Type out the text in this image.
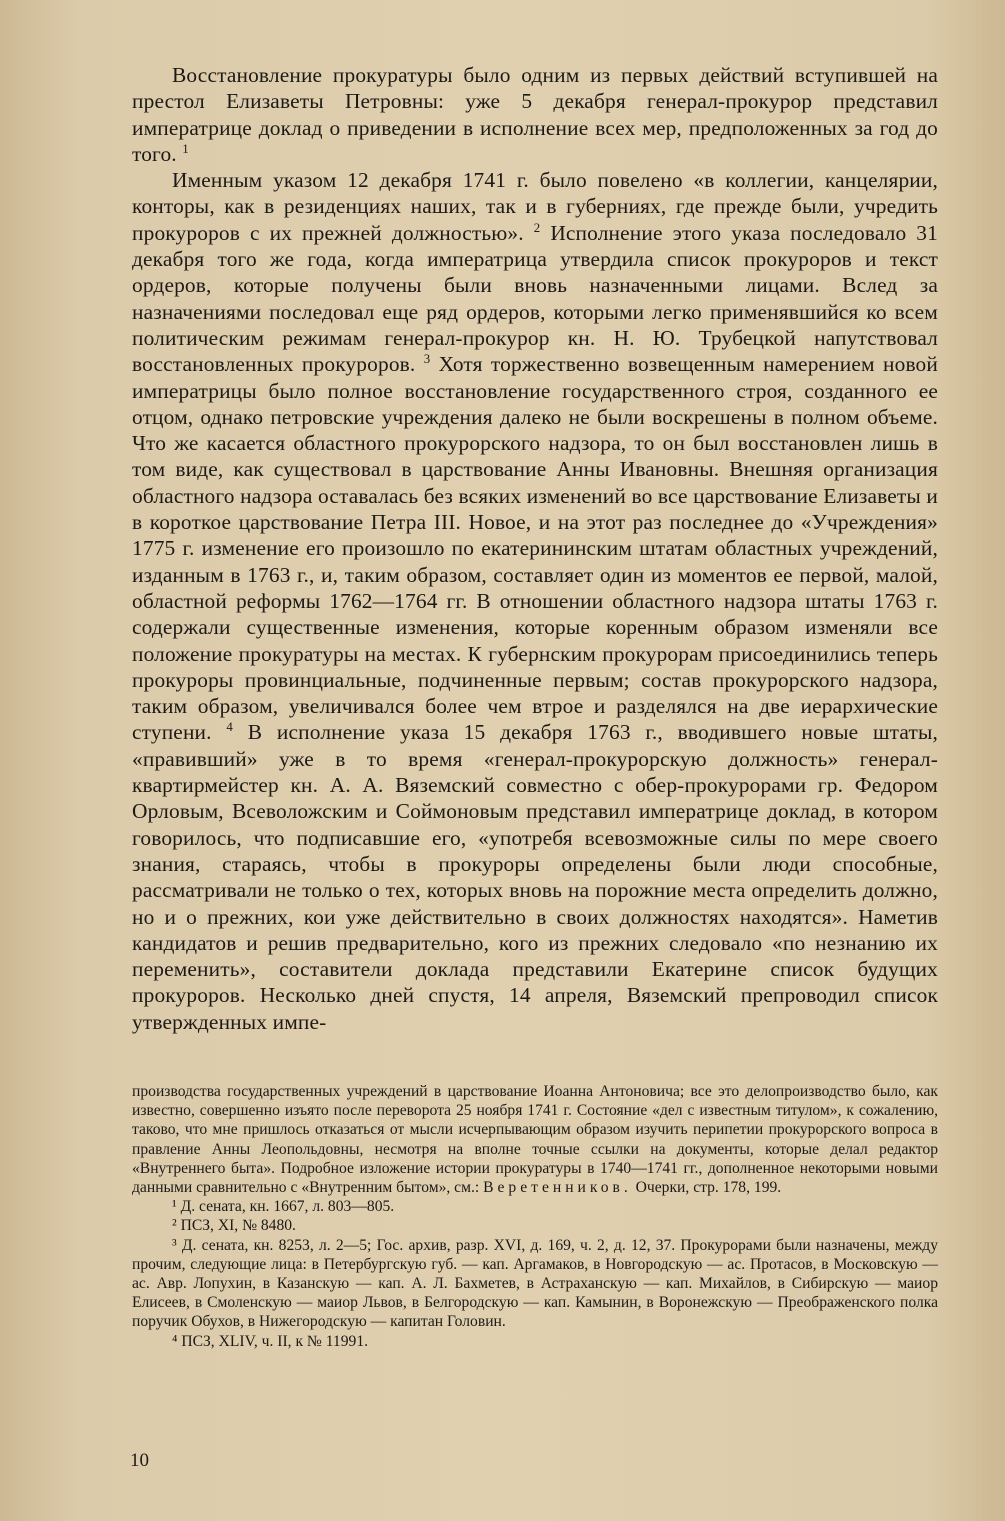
Восстановление прокуратуры было одним из первых действий вступившей на престол Елизаветы Петровны: уже 5 декабря генерал-прокурор представил императрице доклад о приведении в исполнение всех мер, предположенных за год до того. $^1$

Именным указом 12 декабря 1741 г. было повелено «в коллегии, канцелярии, конторы, как в резиденциях наших, так и в губерниях, где прежде были, учредить прокуроров с их прежней должностью». $^2$ Исполнение этого указа последовало 31 декабря того же года, когда императрица утвердила список прокуроров и текст ордеров, которые получены были вновь назначенными лицами. Вслед за назначениями последовал еще ряд ордеров, которыми легко применявшийся ко всем политическим режимам генерал-прокурор кн. Н. Ю. Трубецкой напутствовал восстановленных прокуроров. $^3$ Хотя торжественно возвещенным намерением новой императрицы было полное восстановление государственного строя, созданного ее отцом, однако петровские учреждения далеко не были воскрешены в полном объеме. Что же касается областного прокурорского надзора, то он был восстановлен лишь в том виде, как существовал в царствование Анны Ивановны. Внешняя организация областного надзора оставалась без всяких изменений во все царствование Елизаветы и в короткое царствование Петра III. Новое, и на этот раз последнее до «Учреждения» 1775 г. изменение его произошло по екатерининским штатам областных учреждений, изданным в 1763 г., и, таким образом, составляет один из моментов ее первой, малой, областной реформы 1762—1764 гг. В отношении областного надзора штаты 1763 г. содержали существенные изменения, которые коренным образом изменяли все положение прокуратуры на местах. К губернским прокурорам присоединились теперь прокуроры провинциальные, подчиненные первым; состав прокурорского надзора, таким образом, увеличивался более чем втрое и разделялся на две иерархические ступени. $^4$ В исполнение указа 15 декабря 1763 г., вводившего новые штаты, «правивший» уже в то время «генерал-прокурорскую должность» генерал-квартирмейстер кн. А. А. Вяземский совместно с обер-прокурорами гр. Федором Орловым, Всеволожским и Соймоновым представил императрице доклад, в котором говорилось, что подписавшие его, «употребя всевозможные силы по мере своего знания, стараясь, чтобы в прокуроры определены были люди способные, рассматривали не только о тех, которых вновь на порожние места определить должно, но и о прежних, кои уже действительно в своих должностях находятся». Наметив кандидатов и решив предварительно, кого из прежних следовало «по незнанию их переменить», составители доклада представили Екатерине список будущих прокуроров. Несколько дней спустя, 14 апреля, Вяземский препроводил список утвержденных импе-

производства государственных учреждений в царствование Иоанна Антоновича; все это делопроизводство было, как известно, совершенно изъято после переворота 25 ноября 1741 г. Состояние «дел с известным титулом», к сожалению, таково, что мне пришлось отказаться от мысли исчерпывающим образом изучить перипетии прокурорского вопроса в правление Анны Леопольдовны, несмотря на вполне точные ссылки на документы, которые делал редактор «Внутреннего быта». Подробное изложение истории прокуратуры в 1740—1741 гг., дополненное некоторыми новыми данными сравнительно с «Внутренним бытом», см.: Веретенников. Очерки, стр. 178, 199.

¹ Д. сената, кн. 1667, л. 803—805.

² ПСЗ, XI, № 8480.

³ Д. сената, кн. 8253, л. 2—5; Гос. архив, разр. XVI, д. 169, ч. 2, д. 12, 37. Прокурорами были назначены, между прочим, следующие лица: в Петербургскую губ. — кап. Аргамаков, в Новгородскую — ас. Протасов, в Московскую — ас. Авр. Лопухин, в Казанскую — кап. А. Л. Бахметев, в Астраханскую — кап. Михайлов, в Сибирскую — маиор Елисеев, в Смоленскую — маиор Львов, в Белгородскую — кап. Камынин, в Воронежскую — Преображенского полка поручик Обухов, в Нижегородскую — капитан Головин.

⁴ ПСЗ, XLIV, ч. II, к № 11991.

10
